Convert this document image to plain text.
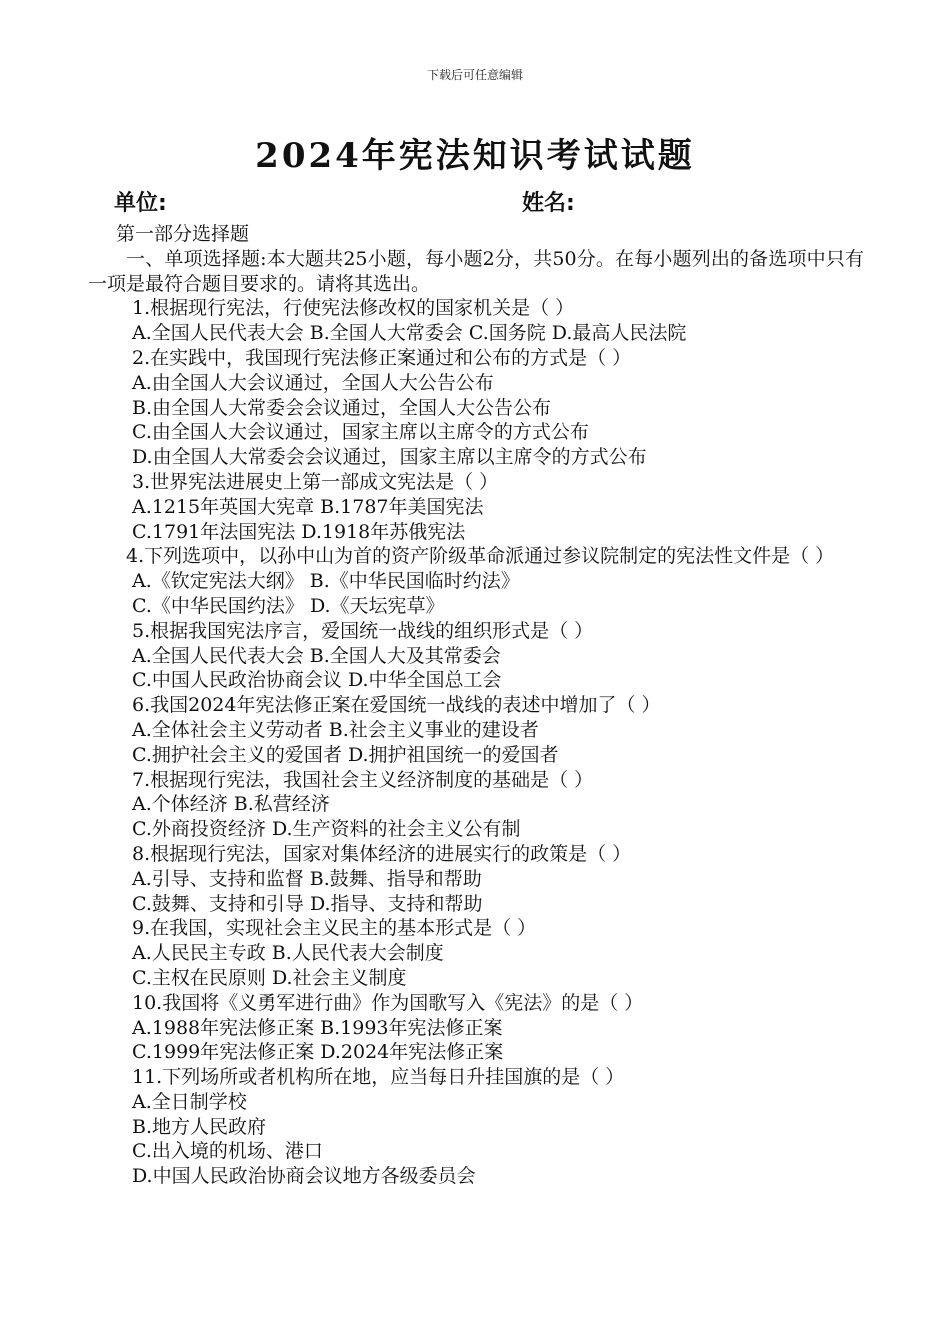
下载后可任意编辑
2024年宪法知识考试试题
单位:	姓名:
第一部分选择题
一、单项选择题:本大题共25小题，每小题2分，共50分。在每小题列出的备选项中只有一项是最符合题目要求的。请将其选出。
1.根据现行宪法，行使宪法修改权的国家机关是（ ）
A.全国人民代表大会 B.全国人大常委会 C.国务院 D.最高人民法院
2.在实践中，我国现行宪法修正案通过和公布的方式是（ ）
A.由全国人大会议通过，全国人大公告公布
B.由全国人大常委会会议通过，全国人大公告公布
C.由全国人大会议通过，国家主席以主席令的方式公布
D.由全国人大常委会会议通过，国家主席以主席令的方式公布
3.世界宪法进展史上第一部成文宪法是（ ）
A.1215年英国大宪章 B.1787年美国宪法
C.1791年法国宪法 D.1918年苏俄宪法
4.下列选项中，以孙中山为首的资产阶级革命派通过参议院制定的宪法性文件是（ ）
A.《钦定宪法大纲》 B.《中华民国临时约法》
C.《中华民国约法》 D.《天坛宪草》
5.根据我国宪法序言，爱国统一战线的组织形式是（ ）
A.全国人民代表大会 B.全国人大及其常委会
C.中国人民政治协商会议 D.中华全国总工会
6.我国2024年宪法修正案在爱国统一战线的表述中增加了（ ）
A.全体社会主义劳动者 B.社会主义事业的建设者
C.拥护社会主义的爱国者 D.拥护祖国统一的爱国者
7.根据现行宪法，我国社会主义经济制度的基础是（ ）
A.个体经济 B.私营经济
C.外商投资经济 D.生产资料的社会主义公有制
8.根据现行宪法，国家对集体经济的进展实行的政策是（ ）
A.引导、支持和监督 B.鼓舞、指导和帮助
C.鼓舞、支持和引导 D.指导、支持和帮助
9.在我国，实现社会主义民主的基本形式是（ ）
A.人民民主专政 B.人民代表大会制度
C.主权在民原则 D.社会主义制度
10.我国将《义勇军进行曲》作为国歌写入《宪法》的是（ ）
A.1988年宪法修正案 B.1993年宪法修正案
C.1999年宪法修正案 D.2024年宪法修正案
11.下列场所或者机构所在地，应当每日升挂国旗的是（ ）
A.全日制学校
B.地方人民政府
C.出入境的机场、港口
D.中国人民政治协商会议地方各级委员会
